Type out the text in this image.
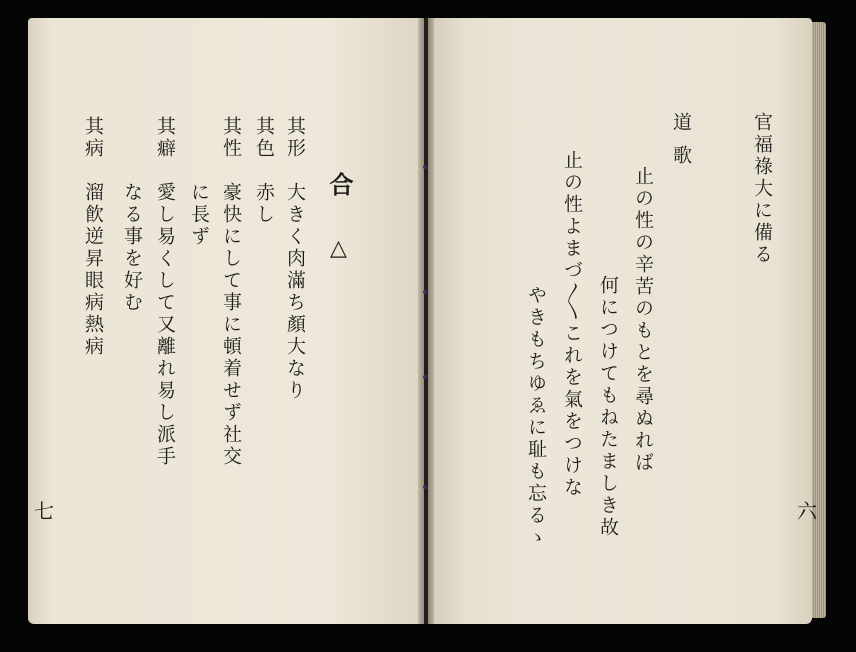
其形　大きく肉滿ち顏大なり
其色　赤し
其性　豪快にして事に頓着せず社交
　　　に長ず
其癖　愛し易くして又離れ易し派手
　　　なる事を好む
其病　溜飮逆昇眼病熱病	合
△
七
官福祿大に備る
道歌
止の性の辛苦のもとを尋ぬれば
何につけてもねたましき故
止の性よまづ〳〵これを氣をつけな
やきもちゆゑに耻も忘るゝ	六
